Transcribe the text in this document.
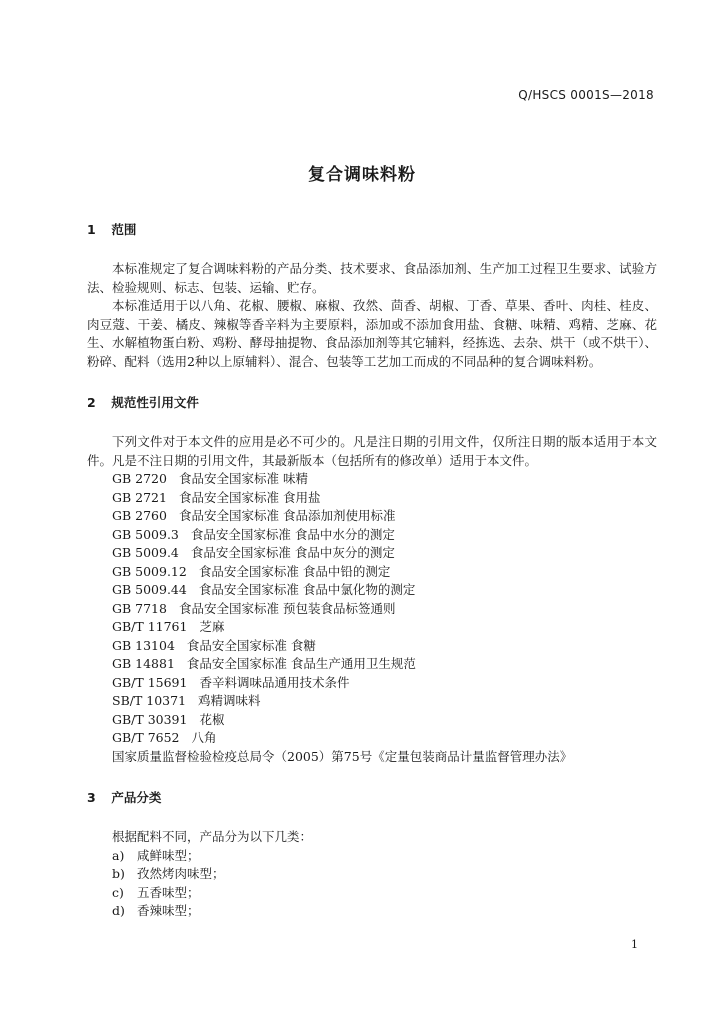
Q/HSCS 0001S—2018
复合调味料粉
1 范围

本标准规定了复合调味料粉的产品分类、技术要求、食品添加剂、生产加工过程卫生要求、试验方法、检验规则、标志、包装、运输、贮存。

本标准适用于以八角、花椒、腰椒、麻椒、孜然、茴香、胡椒、丁香、草果、香叶、肉桂、桂皮、肉豆蔻、干姜、橘皮、辣椒等香辛料为主要原料，添加或不添加食用盐、食糖、味精、鸡精、芝麻、花生、水解植物蛋白粉、鸡粉、酵母抽提物、食品添加剂等其它辅料，经拣选、去杂、烘干（或不烘干）、粉碎、配料（选用2种以上原辅料）、混合、包装等工艺加工而成的不同品种的复合调味料粉。

2 规范性引用文件

下列文件对于本文件的应用是必不可少的。凡是注日期的引用文件，仅所注日期的版本适用于本文件。凡是不注日期的引用文件，其最新版本（包括所有的修改单）适用于本文件。

GB 2720 食品安全国家标准 味精
GB 2721 食品安全国家标准 食用盐
GB 2760 食品安全国家标准 食品添加剂使用标准
GB 5009.3 食品安全国家标准 食品中水分的测定
GB 5009.4 食品安全国家标准 食品中灰分的测定
GB 5009.12 食品安全国家标准 食品中铅的测定
GB 5009.44 食品安全国家标准 食品中氯化物的测定
GB 7718 食品安全国家标准 预包装食品标签通则
GB/T 11761 芝麻
GB 13104 食品安全国家标准 食糖
GB 14881 食品安全国家标准 食品生产通用卫生规范
GB/T 15691 香辛料调味品通用技术条件
SB/T 10371 鸡精调味料
GB/T 30391 花椒
GB/T 7652 八角
国家质量监督检验检疫总局令（2005）第75号《定量包装商品计量监督管理办法》
3 产品分类

根据配料不同，产品分为以下几类：

a) 咸鲜味型；
b) 孜然烤肉味型；
c) 五香味型；
d) 香辣味型；
1
